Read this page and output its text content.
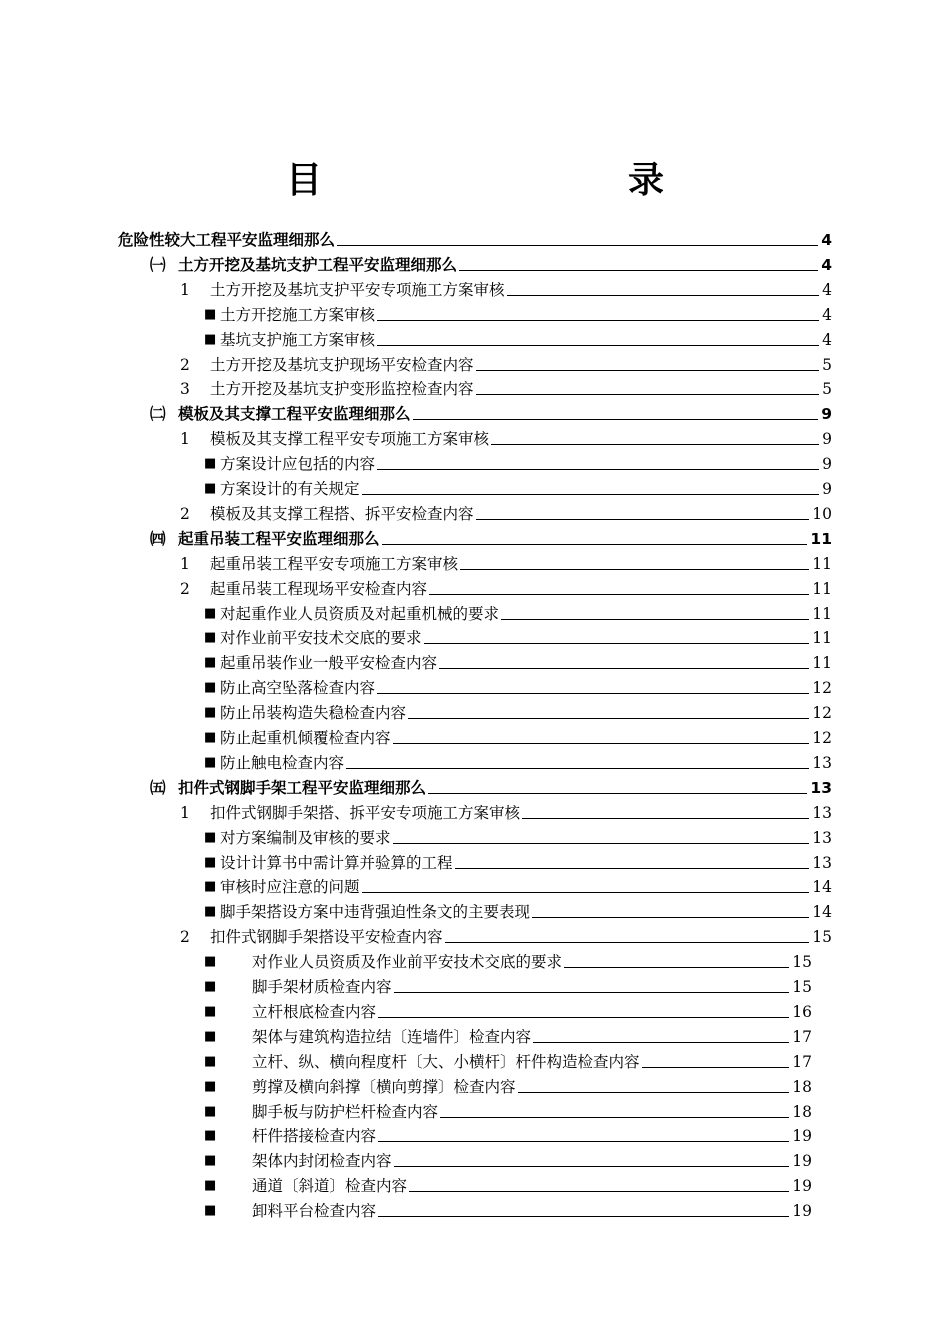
目　　录
危险性较大工程平安监理细那么	4
㈠ 土方开挖及基坑支护工程平安监理细那么	4
1	土方开挖及基坑支护平安专项施工方案审核	4
■ 土方开挖施工方案审核	4
■ 基坑支护施工方案审核	4
2	土方开挖及基坑支护现场平安检查内容	5
3	土方开挖及基坑支护变形监控检查内容	5
㈡ 模板及其支撑工程平安监理细那么	9
1	模板及其支撑工程平安专项施工方案审核	9
■ 方案设计应包括的内容	9
■ 方案设计的有关规定	9
2	模板及其支撑工程搭、拆平安检查内容	10
㈣ 起重吊装工程平安监理细那么	11
1	起重吊装工程平安专项施工方案审核	11
2	起重吊装工程现场平安检查内容	11
■ 对起重作业人员资质及对起重机械的要求	11
■ 对作业前平安技术交底的要求	11
■ 起重吊装作业一般平安检查内容	11
■ 防止高空坠落检查内容	12
■ 防止吊装构造失稳检查内容	12
■ 防止起重机倾覆检查内容	12
■ 防止触电检查内容	13
㈤ 扣件式钢脚手架工程平安监理细那么	13
1	扣件式钢脚手架搭、拆平安专项施工方案审核	13
■ 对方案编制及审核的要求	13
■ 设计计算书中需计算并验算的工程	13
■ 审核时应注意的问题	14
■ 脚手架搭设方案中违背强迫性条文的主要表现	14
2	扣件式钢脚手架搭设平安检查内容	15
■	对作业人员资质及作业前平安技术交底的要求	15
■	脚手架材质检查内容	15
■	立杆根底检查内容	16
■	架体与建筑构造拉结〔连墙件〕检查内容	17
■	立杆、纵、横向程度杆〔大、小横杆〕杆件构造检查内容	17
■	剪撑及横向斜撑〔横向剪撑〕检查内容	18
■	脚手板与防护栏杆检查内容	18
■	杆件搭接检查内容	19
■	架体内封闭检查内容	19
■	通道〔斜道〕检查内容	19
■	卸料平台检查内容	19
